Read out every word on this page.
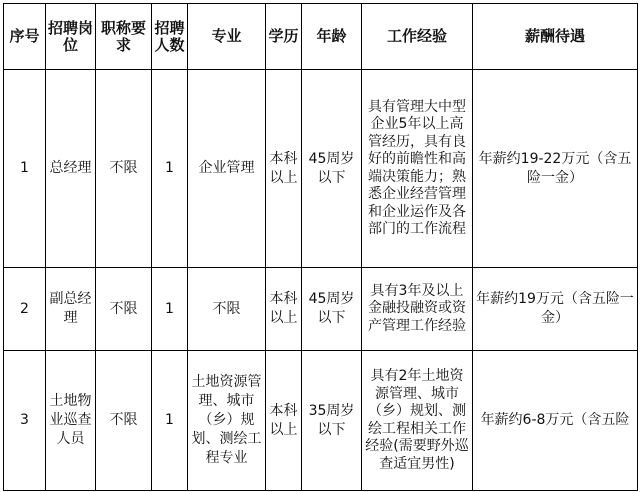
序号	招聘岗位	职称要求	招聘人数	专业	学历	年龄	工作经验	薪酬待遇
1	总经理	不限	1	企业管理	本科以上	45周岁以下	具有管理大中型企业5年以上高管经历，具有良好的前瞻性和高端决策能力；熟悉企业经营管理和企业运作及各部门的工作流程	年薪约19-22万元（含五险一金）
2	副总经理	不限	1	不限	本科以上	45周岁以下	具有3年及以上金融投融资或资产管理工作经验	年薪约19万元（含五险一金）
3	土地物业巡查人员	不限	1	土地资源管理、城市（乡）规划、测绘工程专业	本科以上	35周岁以下	具有2年土地资源管理、城市（乡）规划、测绘工程相关工作经验(需要野外巡查适宜男性)	年薪约6-8万元（含五险
